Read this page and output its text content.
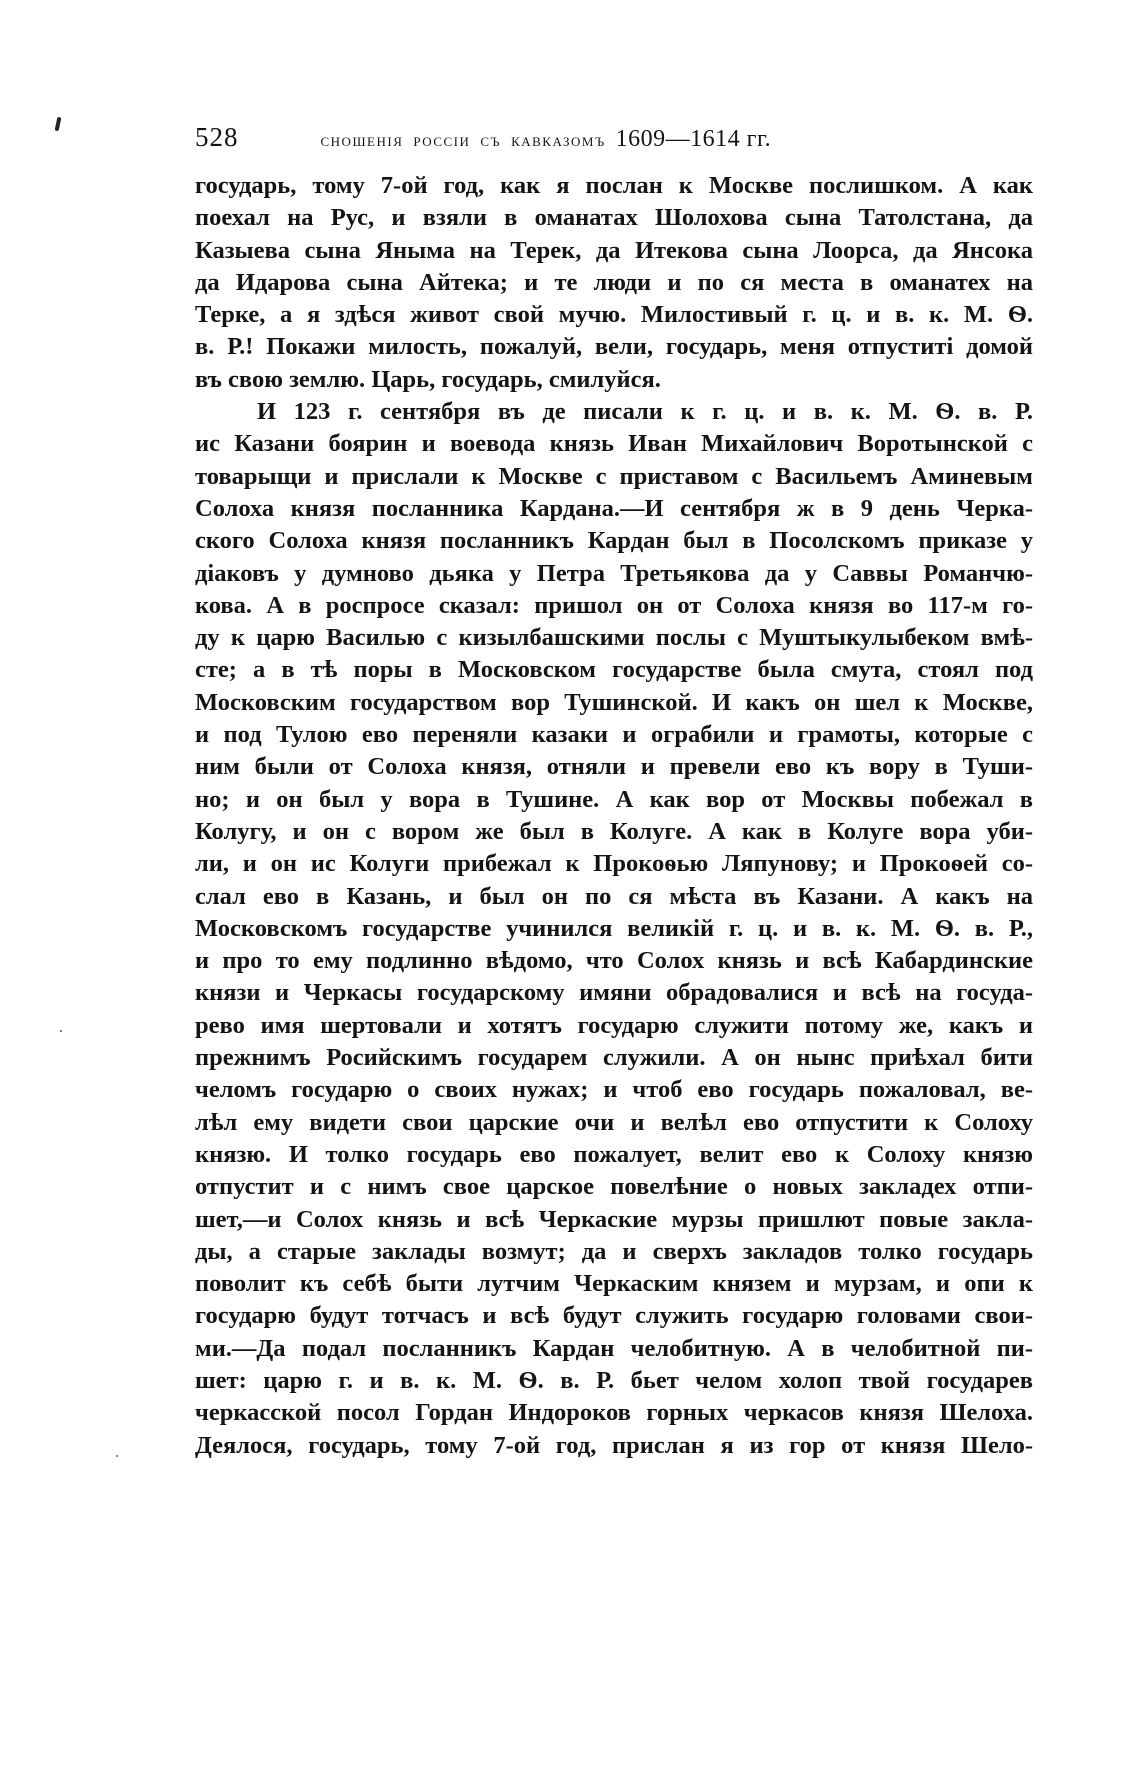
528	сношенія россіи съ кавказомъ 1609—1614 гг.
государь, тому 7-ой год, как я послан к Москве послишком. А как
поехал на Рус, и взяли в оманатах Шолохова сына Татолстана, да
Казыева сына Яныма на Терек, да Итекова сына Лоорса, да Янсока
да Идарова сына Айтека; и те люди и по ся места в оманатех на
Терке, а я здѣся живот свой мучю. Милостивый г. ц. и в. к. М. Ѳ.
в. Р.! Покажи милость, пожалуй, вели, государь, меня отпуститі домой
въ свою землю. Царь, государь, смилуйся.
И 123 г. сентября въ де писали к г. ц. и в. к. М. Ѳ. в. Р.
ис Казани боярин и воевода князь Иван Михайлович Воротынской с
товарыщи и прислали к Москве с приставом с Васильемъ Аминевым
Солоха князя посланника Кардана.—И сентября ж в 9 день Черка-
ского Солоха князя посланникъ Кардан был в Посолскомъ приказе у
діаковъ у думново дьяка у Петра Третьякова да у Саввы Романчю-
кова. А в роспросе сказал: пришол он от Солоха князя во 117-м го-
ду к царю Василью с кизылбашскими послы с Муштыкулыбеком вмѣ-
сте; а в тѣ поры в Московском государстве была смута, стоял под
Московским государством вор Тушинской. И какъ он шел к Москве,
и под Тулою ево переняли казаки и ограбили и грамоты, которые с
ним были от Солоха князя, отняли и превели ево къ вору в Туши-
но; и он был у вора в Тушине. А как вор от Москвы побежал в
Колугу, и он с вором же был в Колуге. А как в Колуге вора уби-
ли, и он ис Колуги прибежал к Прокоѳью Ляпунову; и Прокоѳей со-
слал ево в Казань, и был он по ся мѣста въ Казани. А какъ на
Московскомъ государстве учинился великій г. ц. и в. к. М. Ѳ. в. Р.,
и про то ему подлинно вѣдомо, что Солох князь и всѣ Кабардинские
князи и Черкасы государскому имяни обрадовалися и всѣ на госуда-
рево имя шертовали и хотятъ государю служити потому же, какъ и
прежнимъ Росийскимъ государем служили. А он нынс приѣхал бити
челомъ государю о своих нужах; и чтоб ево государь пожаловал, ве-
лѣл ему видети свои царские очи и велѣл ево отпустити к Солоху
князю. И толко государь ево пожалует, велит ево к Солоху князю
отпустит и с нимъ свое царское повелѣние о новых закладех отпи-
шет,—и Солох князь и всѣ Черкаские мурзы пришлют повые закла-
ды, а старые заклады возмут; да и сверхъ закладов толко государь
поволит къ себѣ быти лутчим Черкаским князем и мурзам, и опи к
государю будут тотчасъ и всѣ будут служить государю головами свои-
ми.—Да подал посланникъ Кардан челобитную. А в челобитной пи-
шет: царю г. и в. к. М. Ѳ. в. Р. бьет челом холоп твой государев
черкасской посол Гордан Индороков горных черкасов князя Шелоха.
Деялося, государь, тому 7-ой год, прислан я из гор от князя Шело-
